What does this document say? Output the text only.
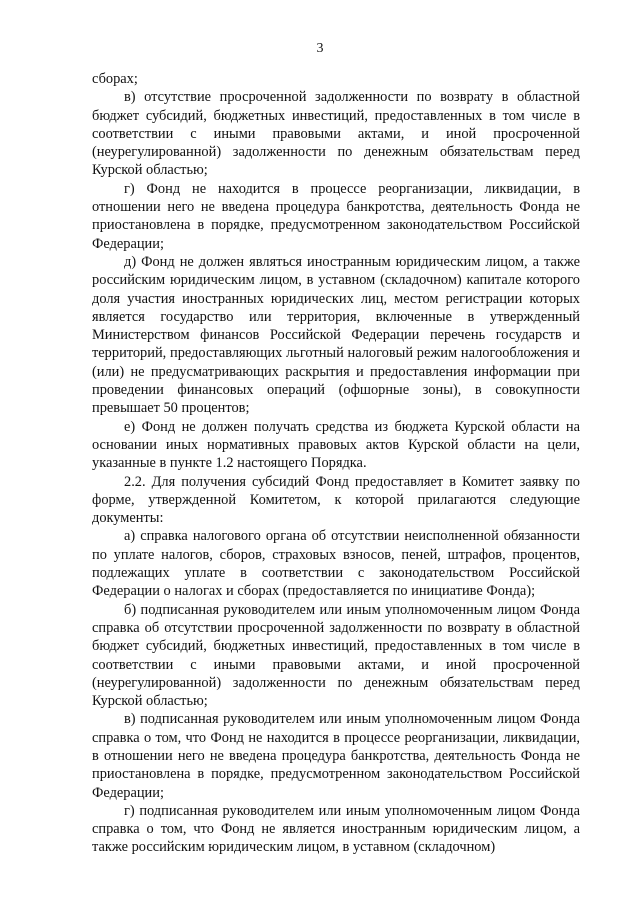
3

сборах;

в) отсутствие просроченной задолженности по возврату в областной бюджет субсидий, бюджетных инвестиций, предоставленных в том числе в соответствии с иными правовыми актами, и иной просроченной (неурегулированной) задолженности по денежным обязательствам перед Курской областью;

г) Фонд не находится в процессе реорганизации, ликвидации, в отношении него не введена процедура банкротства, деятельность Фонда не приостановлена в порядке, предусмотренном законодательством Российской Федерации;

д) Фонд не должен являться иностранным юридическим лицом, а также российским юридическим лицом, в уставном (складочном) капитале которого доля участия иностранных юридических лиц, местом регистрации которых является государство или территория, включенные в утвержденный Министерством финансов Российской Федерации перечень государств и территорий, предоставляющих льготный налоговый режим налогообложения и (или) не предусматривающих раскрытия и предоставления информации при проведении финансовых операций (офшорные зоны), в совокупности превышает 50 процентов;

е) Фонд не должен получать средства из бюджета Курской области на основании иных нормативных правовых актов Курской области на цели, указанные в пункте 1.2 настоящего Порядка.

2.2. Для получения субсидий Фонд предоставляет в Комитет заявку по форме, утвержденной Комитетом, к которой прилагаются следующие документы:

а) справка налогового органа об отсутствии неисполненной обязанности по уплате налогов, сборов, страховых взносов, пеней, штрафов, процентов, подлежащих уплате в соответствии с законодательством Российской Федерации о налогах и сборах (предоставляется по инициативе Фонда);

б) подписанная руководителем или иным уполномоченным лицом Фонда справка об отсутствии просроченной задолженности по возврату в областной бюджет субсидий, бюджетных инвестиций, предоставленных в том числе в соответствии с иными правовыми актами, и иной просроченной (неурегулированной) задолженности по денежным обязательствам перед Курской областью;

в) подписанная руководителем или иным уполномоченным лицом Фонда справка о том, что Фонд не находится в процессе реорганизации, ликвидации, в отношении него не введена процедура банкротства, деятельность Фонда не приостановлена в порядке, предусмотренном законодательством Российской Федерации;

г) подписанная руководителем или иным уполномоченным лицом Фонда справка о том, что Фонд не является иностранным юридическим лицом, а также российским юридическим лицом, в уставном (складочном)
